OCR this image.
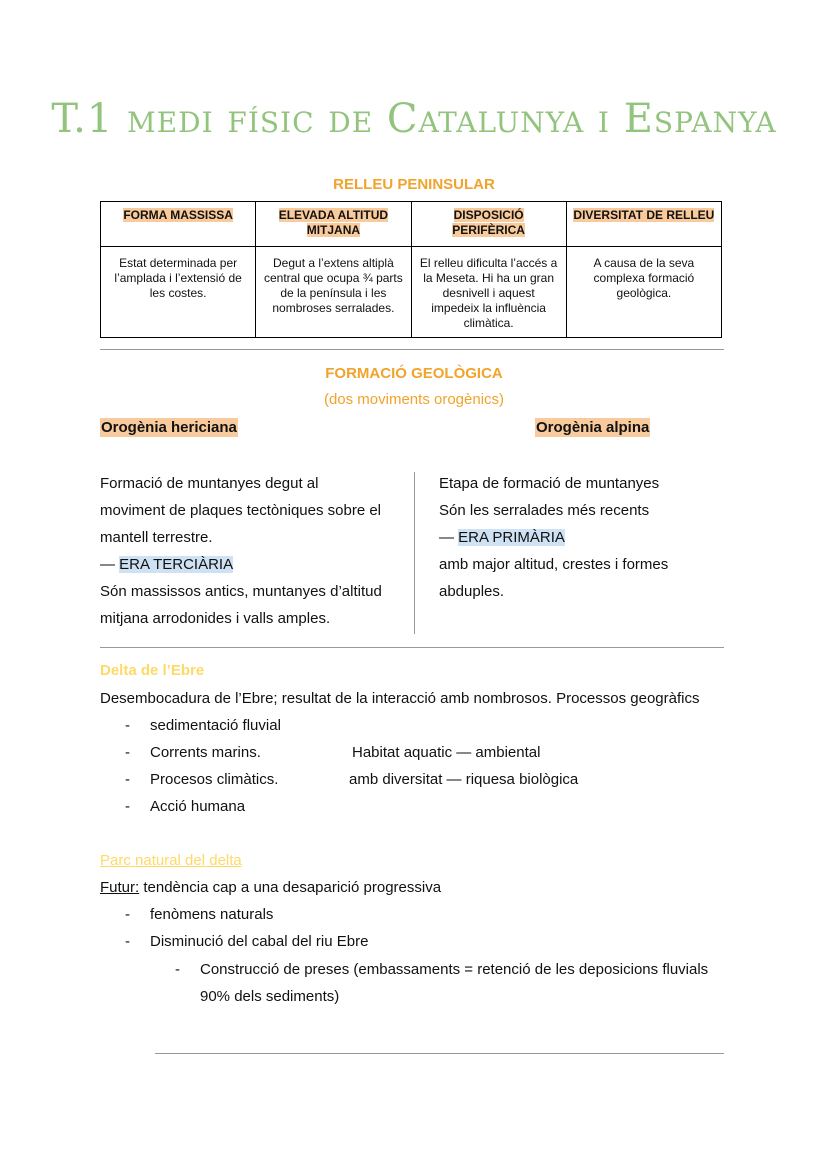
T.1 medi físic de Catalunya i Espanya
RELLEU PENINSULAR
FORMA MASSISSA	ELEVADA ALTITUD MITJANA	DISPOSICIÓ PERIFÈRICA	DIVERSITAT DE RELLEU
Estat determinada per l’amplada i l’extensió de les costes.	Degut a l’extens altiplà central que ocupa ¾ parts de la península i les nombroses serralades.	El relleu dificulta l’accés a la Meseta. Hi ha un gran desnivell i aquest impedeix la influència climàtica.	A causa de la seva complexa formació geològica.
FORMACIÓ GEOLÒGICA
(dos moviments orogènics)
Orogènia hericiana	Orogènia alpina
Formació de muntanyes degut al
moviment de plaques tectòniques sobre el
mantell terrestre.
— ERA TERCIÀRIA
Són massissos antics, muntanyes d’altitud
mitjana arrodonides i valls amples.
Etapa de formació de muntanyes
Són les serralades més recents
— ERA PRIMÀRIA
amb major altitud, crestes i formes
abduples.
Delta de l’Ebre
Desembocadura de l’Ebre; resultat de la interacció amb nombrosos. Processos geogràfics
- sedimentació fluvial
- Corrents marins.	Habitat aquatic — ambiental
- Procesos climàtics.	amb diversitat — riquesa biològica
- Acció humana
Parc natural del delta
Futur: tendència cap a una desaparició progressiva
- fenòmens naturals
- Disminució del cabal del riu Ebre
- Construcció de preses (embassaments = retenció de les deposicions fluvials
90% dels sediments)
